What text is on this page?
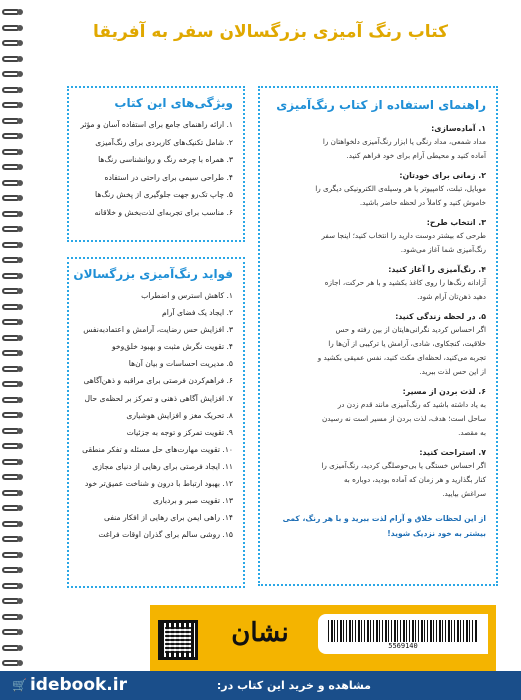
کتاب رنگ آمیزی بزرگسالان سفر به آفریقا
ویژگی‌های این کتاب
۱. ارائه راهنمای جامع برای استفاده آسان و مؤثر
۲. شامل تکنیک‌های کاربردی برای رنگ‌آمیزی
۳. همراه با چرخه رنگ و روانشناسی رنگ‌ها
۴. طراحی سیمی برای راحتی در استفاده
۵. چاپ تک‌رو جهت جلوگیری از پخش رنگ‌ها
۶. مناسب برای تجربه‌ای لذت‌بخش و خلاقانه
فواید رنگ‌آمیزی بزرگسالان
۱. کاهش استرس و اضطراب
۲. ایجاد یک فضای آرام
۳. افزایش حس رضایت، آرامش و اعتمادبه‌نفس
۴. تقویت نگرش مثبت و بهبود خلق‌وخو
۵. مدیریت احساسات و بیان آن‌ها
۶. فراهم‌کردن فرصتی برای مراقبه و ذهن‌آگاهی
۷. افزایش آگاهی ذهنی و تمرکز بر لحظه‌ی حال
۸. تحریک مغز و افزایش هوشیاری
۹. تقویت تمرکز و توجه به جزئیات
۱۰. تقویت مهارت‌های حل مسئله و تفکر منطقی
۱۱. ایجاد فرصتی برای رهایی از دنیای مجازی
۱۲. بهبود ارتباط با درون و شناخت عمیق‌تر خود
۱۳. تقویت صبر و بردباری
۱۴. راهی ایمن برای رهایی از افکار منفی
۱۵. روشی سالم برای گذران اوقات فراغت
راهنمای استفاده از کتاب رنگ‌آمیزی
۱. آماده‌سازی:
مداد شمعی، مداد رنگی یا ابزار رنگ‌آمیزی دلخواهتان را
آماده کنید و محیطی آرام برای خود فراهم کنید.
۲. زمانی برای خودتان:
موبایل، تبلت، کامپیوتر یا هر وسیله‌ی الکترونیکی دیگری را
خاموش کنید و کاملاً در لحظه حاضر باشید.
۳. انتخاب طرح:
طرحی که بیشتر دوست دارید را انتخاب کنید؛ اینجا سفر
رنگ‌آمیزی شما آغاز می‌شود.
۴. رنگ‌آمیزی را آغاز کنید:
آزادانه رنگ‌ها را روی کاغذ بکشید و با هر حرکت، اجازه
دهید ذهن‌تان آرام شود.
۵. در لحظه زندگی کنید:
اگر احساس کردید نگرانی‌هایتان از بین رفته و حس
خلاقیت، کنجکاوی، شادی، آرامش یا ترکیبی از آن‌ها را
تجربه می‌کنید، لحظه‌ای مکث کنید، نفس عمیقی بکشید و
از این حس لذت ببرید.
۶. لذت بردن از مسیر:
به یاد داشته باشید که رنگ‌آمیزی مانند قدم زدن در
ساحل است؛ هدف، لذت بردن از مسیر است نه رسیدن
به مقصد.
۷. استراحت کنید:
اگر احساس خستگی یا بی‌حوصلگی کردید، رنگ‌آمیزی را
کنار بگذارید و هر زمان که آماده بودید، دوباره به
سراغش بیایید.
از این لحظات خلاق و آرام لذت ببرید و با هر رنگ، کمی
بیشتر به خود نزدیک شوید!
نشان	5569140
مشاهده و خرید این کتاب در:
🛒 idebook.ir
